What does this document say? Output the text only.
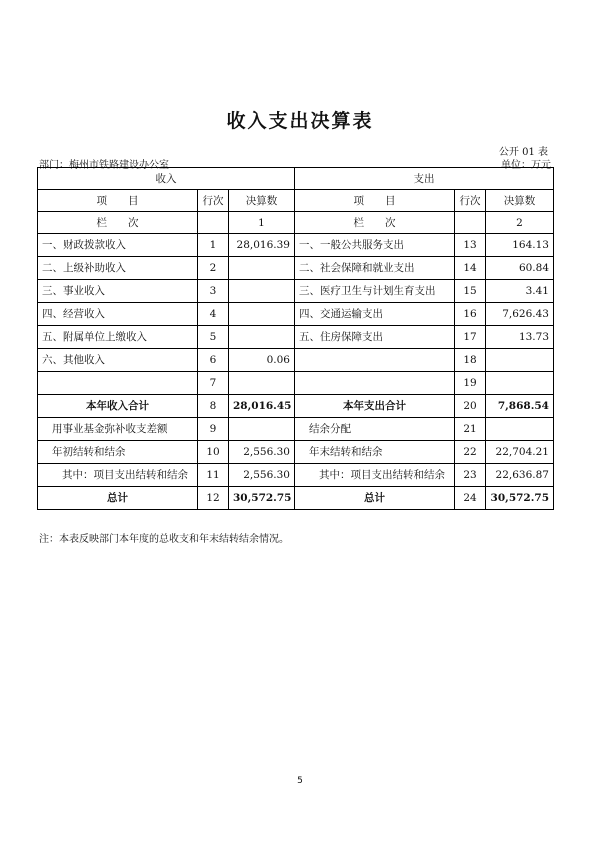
收入支出决算表
公开 01 表
部门：梅州市铁路建设办公室	单位：万元
收入			支出		
项　　目	行次	决算数	项　　目	行次	决算数
栏　　次		1	栏　　次		2
一、财政拨款收入	1	28,016.39	一、一般公共服务支出	13	164.13
二、上级补助收入	2		二、社会保障和就业支出	14	60.84
三、事业收入	3		三、医疗卫生与计划生育支出	15	3.41
四、经营收入	4		四、交通运输支出	16	7,626.43
五、附属单位上缴收入	5		五、住房保障支出	17	13.73
六、其他收入	6	0.06		18	
	7			19	
本年收入合计	8	28,016.45	本年支出合计	20	7,868.54
用事业基金弥补收支差额	9		结余分配	21	
年初结转和结余	10	2,556.30	年末结转和结余	22	22,704.21
其中：项目支出结转和结余	11	2,556.30	其中：项目支出结转和结余	23	22,636.87
总计	12	30,572.75	总计	24	30,572.75
注：本表反映部门本年度的总收支和年末结转结余情况。
5
